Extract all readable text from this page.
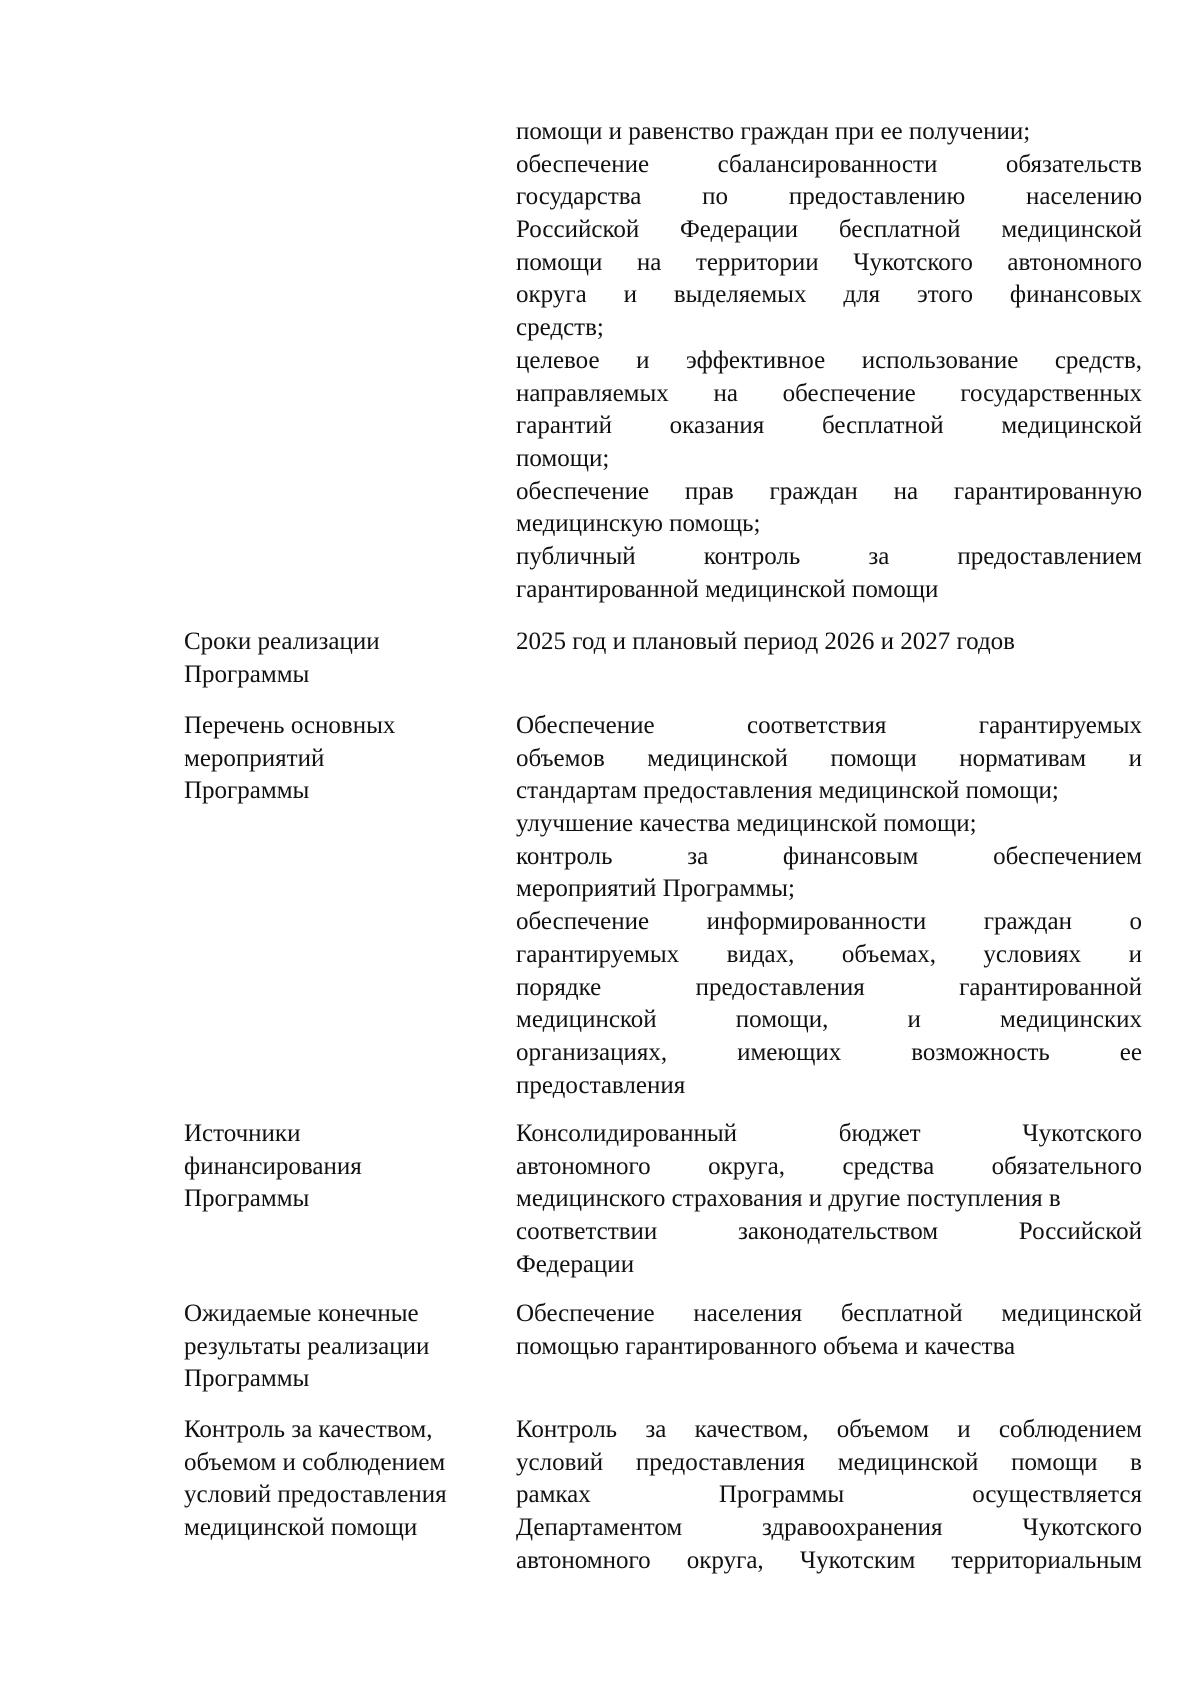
помощи и равенство граждан при ее получении;
обеспечение сбалансированности обязательств
государства по предоставлению населению
Российской Федерации бесплатной медицинской
помощи на территории Чукотского автономного
округа и выделяемых для этого финансовых
средств;
целевое и эффективное использование средств,
направляемых на обеспечение государственных
гарантий оказания бесплатной медицинской
помощи;
обеспечение прав граждан на гарантированную
медицинскую помощь;
публичный контроль за предоставлением
гарантированной медицинской помощи
Сроки реализации
Программы
2025 год и плановый период 2026 и 2027 годов
Перечень основных
мероприятий
Программы
Обеспечение соответствия гарантируемых
объемов медицинской помощи нормативам и
стандартам предоставления медицинской помощи;
улучшение качества медицинской помощи;
контроль за финансовым обеспечением
мероприятий Программы;
обеспечение информированности граждан о
гарантируемых видах, объемах, условиях и
порядке предоставления гарантированной
медицинской помощи, и медицинских
организациях, имеющих возможность ее
предоставления
Источники
финансирования
Программы
Консолидированный бюджет Чукотского
автономного округа, средства обязательного
медицинского страхования и другие поступления в
соответствии законодательством Российской
Федерации
Ожидаемые конечные
результаты реализации
Программы
Обеспечение населения бесплатной медицинской
помощью гарантированного объема и качества
Контроль за качеством,
объемом и соблюдением
условий предоставления
медицинской помощи
Контроль за качеством, объемом и соблюдением
условий предоставления медицинской помощи в
рамках Программы осуществляется
Департаментом здравоохранения Чукотского
автономного округа, Чукотским территориальным
